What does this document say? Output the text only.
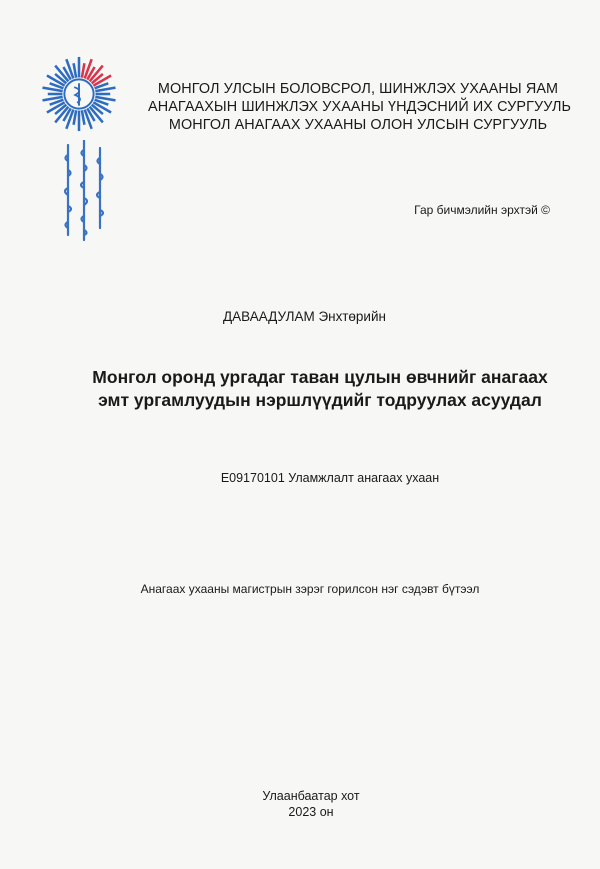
МОНГОЛ УЛСЫН БОЛОВСРОЛ, ШИНЖЛЭХ УХААНЫ ЯАМ
АНАГААХЫН ШИНЖЛЭХ УХААНЫ ҮНДЭСНИЙ ИХ СУРГУУЛЬ
МОНГОЛ АНАГААХ УХААНЫ ОЛОН УЛСЫН СУРГУУЛЬ
Гар бичмэлийн эрхтэй ©
ДАВААДУЛАМ Энхтөрийн
Монгол оронд ургадаг таван цулын өвчнийг анагаах
эмт ургамлуудын нэршлүүдийг тодруулах асуудал
E09170101 Уламжлалт анагаах ухаан
Анагаах ухааны магистрын зэрэг горилсон нэг сэдэвт бүтээл
Улаанбаатар хот
2023 он
